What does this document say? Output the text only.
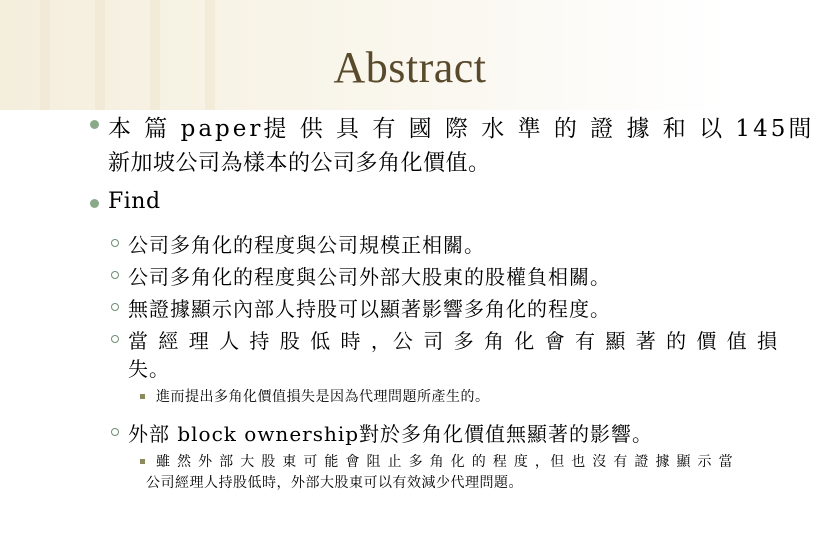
Abstract
本 篇 paper提 供 具 有 國 際 水 準 的 證 據 和 以 145間
新加坡公司為樣本的公司多角化價值。
Find
公司多角化的程度與公司規模正相關。
公司多角化的程度與公司外部大股東的股權負相關。
無證據顯示內部人持股可以顯著影響多角化的程度。
當 經 理 人 持 股 低 時 ，公 司 多 角 化 會 有 顯 著 的 價 值 損
失。
進而提出多角化價值損失是因為代理問題所產生的。
外部 block ownership對於多角化價值無顯著的影響。
雖 然 外 部 大 股 東 可 能 會 阻 止 多 角 化 的 程 度 ，但 也 沒 有 證 據 顯 示 當
公司經理人持股低時，外部大股東可以有效減少代理問題。
